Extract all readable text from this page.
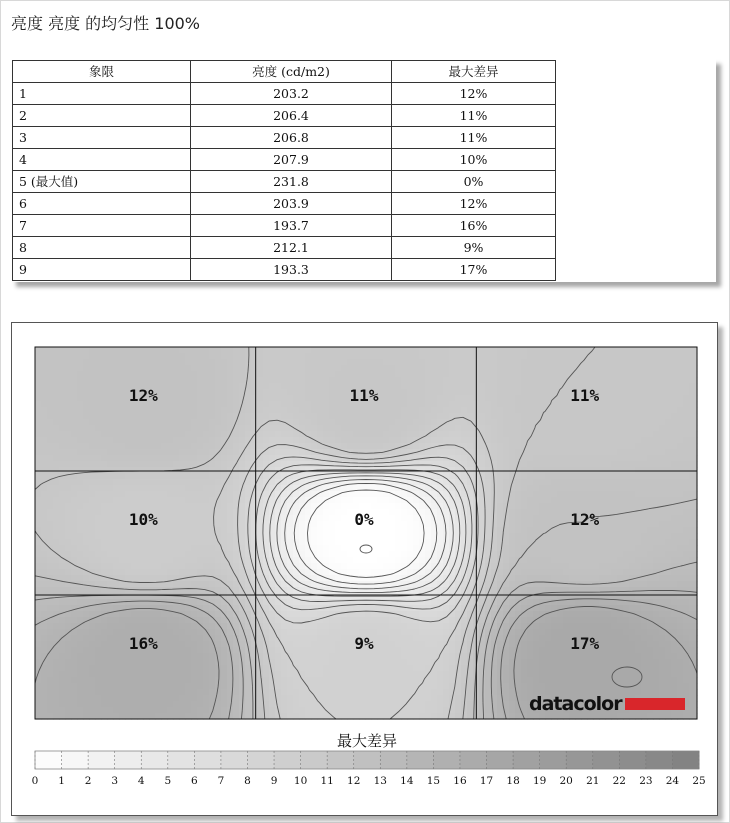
亮度 亮度 的均匀性 100%
象限	亮度 (cd/m2)	最大差异
1	203.2	12%
2	206.4	11%
3	206.8	11%
4	207.9	10%
5 (最大值)	231.8	0%
6	203.9	12%
7	193.7	16%
8	212.1	9%
9	193.3	17%
12%	11%	11%
10%	0%	12%
16%	9%	17%
datacolor
最大差异
0 1 2 3 4 5 6 7 8 9 10 11 12 13 14 15 16 17 18 19 20 21 22 23 24 25
